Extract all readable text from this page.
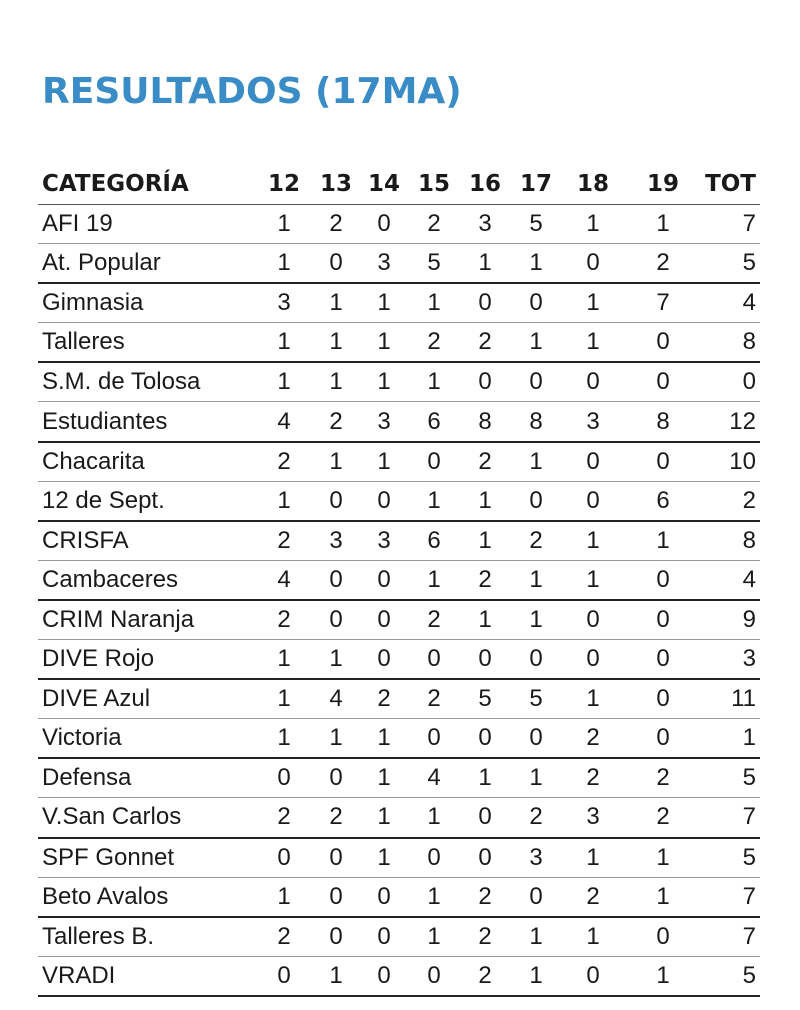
RESULTADOS (17MA)
CATEGORÍA	12	13	14	15	16	17	18	19	TOT
AFI 19	1	2	0	2	3	5	1	1	7
At. Popular	1	0	3	5	1	1	0	2	5
Gimnasia	3	1	1	1	0	0	1	7	4
Talleres	1	1	1	2	2	1	1	0	8
S.M. de Tolosa	1	1	1	1	0	0	0	0	0
Estudiantes	4	2	3	6	8	8	3	8	12
Chacarita	2	1	1	0	2	1	0	0	10
12 de Sept.	1	0	0	1	1	0	0	6	2
CRISFA	2	3	3	6	1	2	1	1	8
Cambaceres	4	0	0	1	2	1	1	0	4
CRIM Naranja	2	0	0	2	1	1	0	0	9
DIVE Rojo	1	1	0	0	0	0	0	0	3
DIVE Azul	1	4	2	2	5	5	1	0	11
Victoria	1	1	1	0	0	0	2	0	1
Defensa	0	0	1	4	1	1	2	2	5
V.San Carlos	2	2	1	1	0	2	3	2	7
SPF Gonnet	0	0	1	0	0	3	1	1	5
Beto Avalos	1	0	0	1	2	0	2	1	7
Talleres B.	2	0	0	1	2	1	1	0	7
VRADI	0	1	0	0	2	1	0	1	5
